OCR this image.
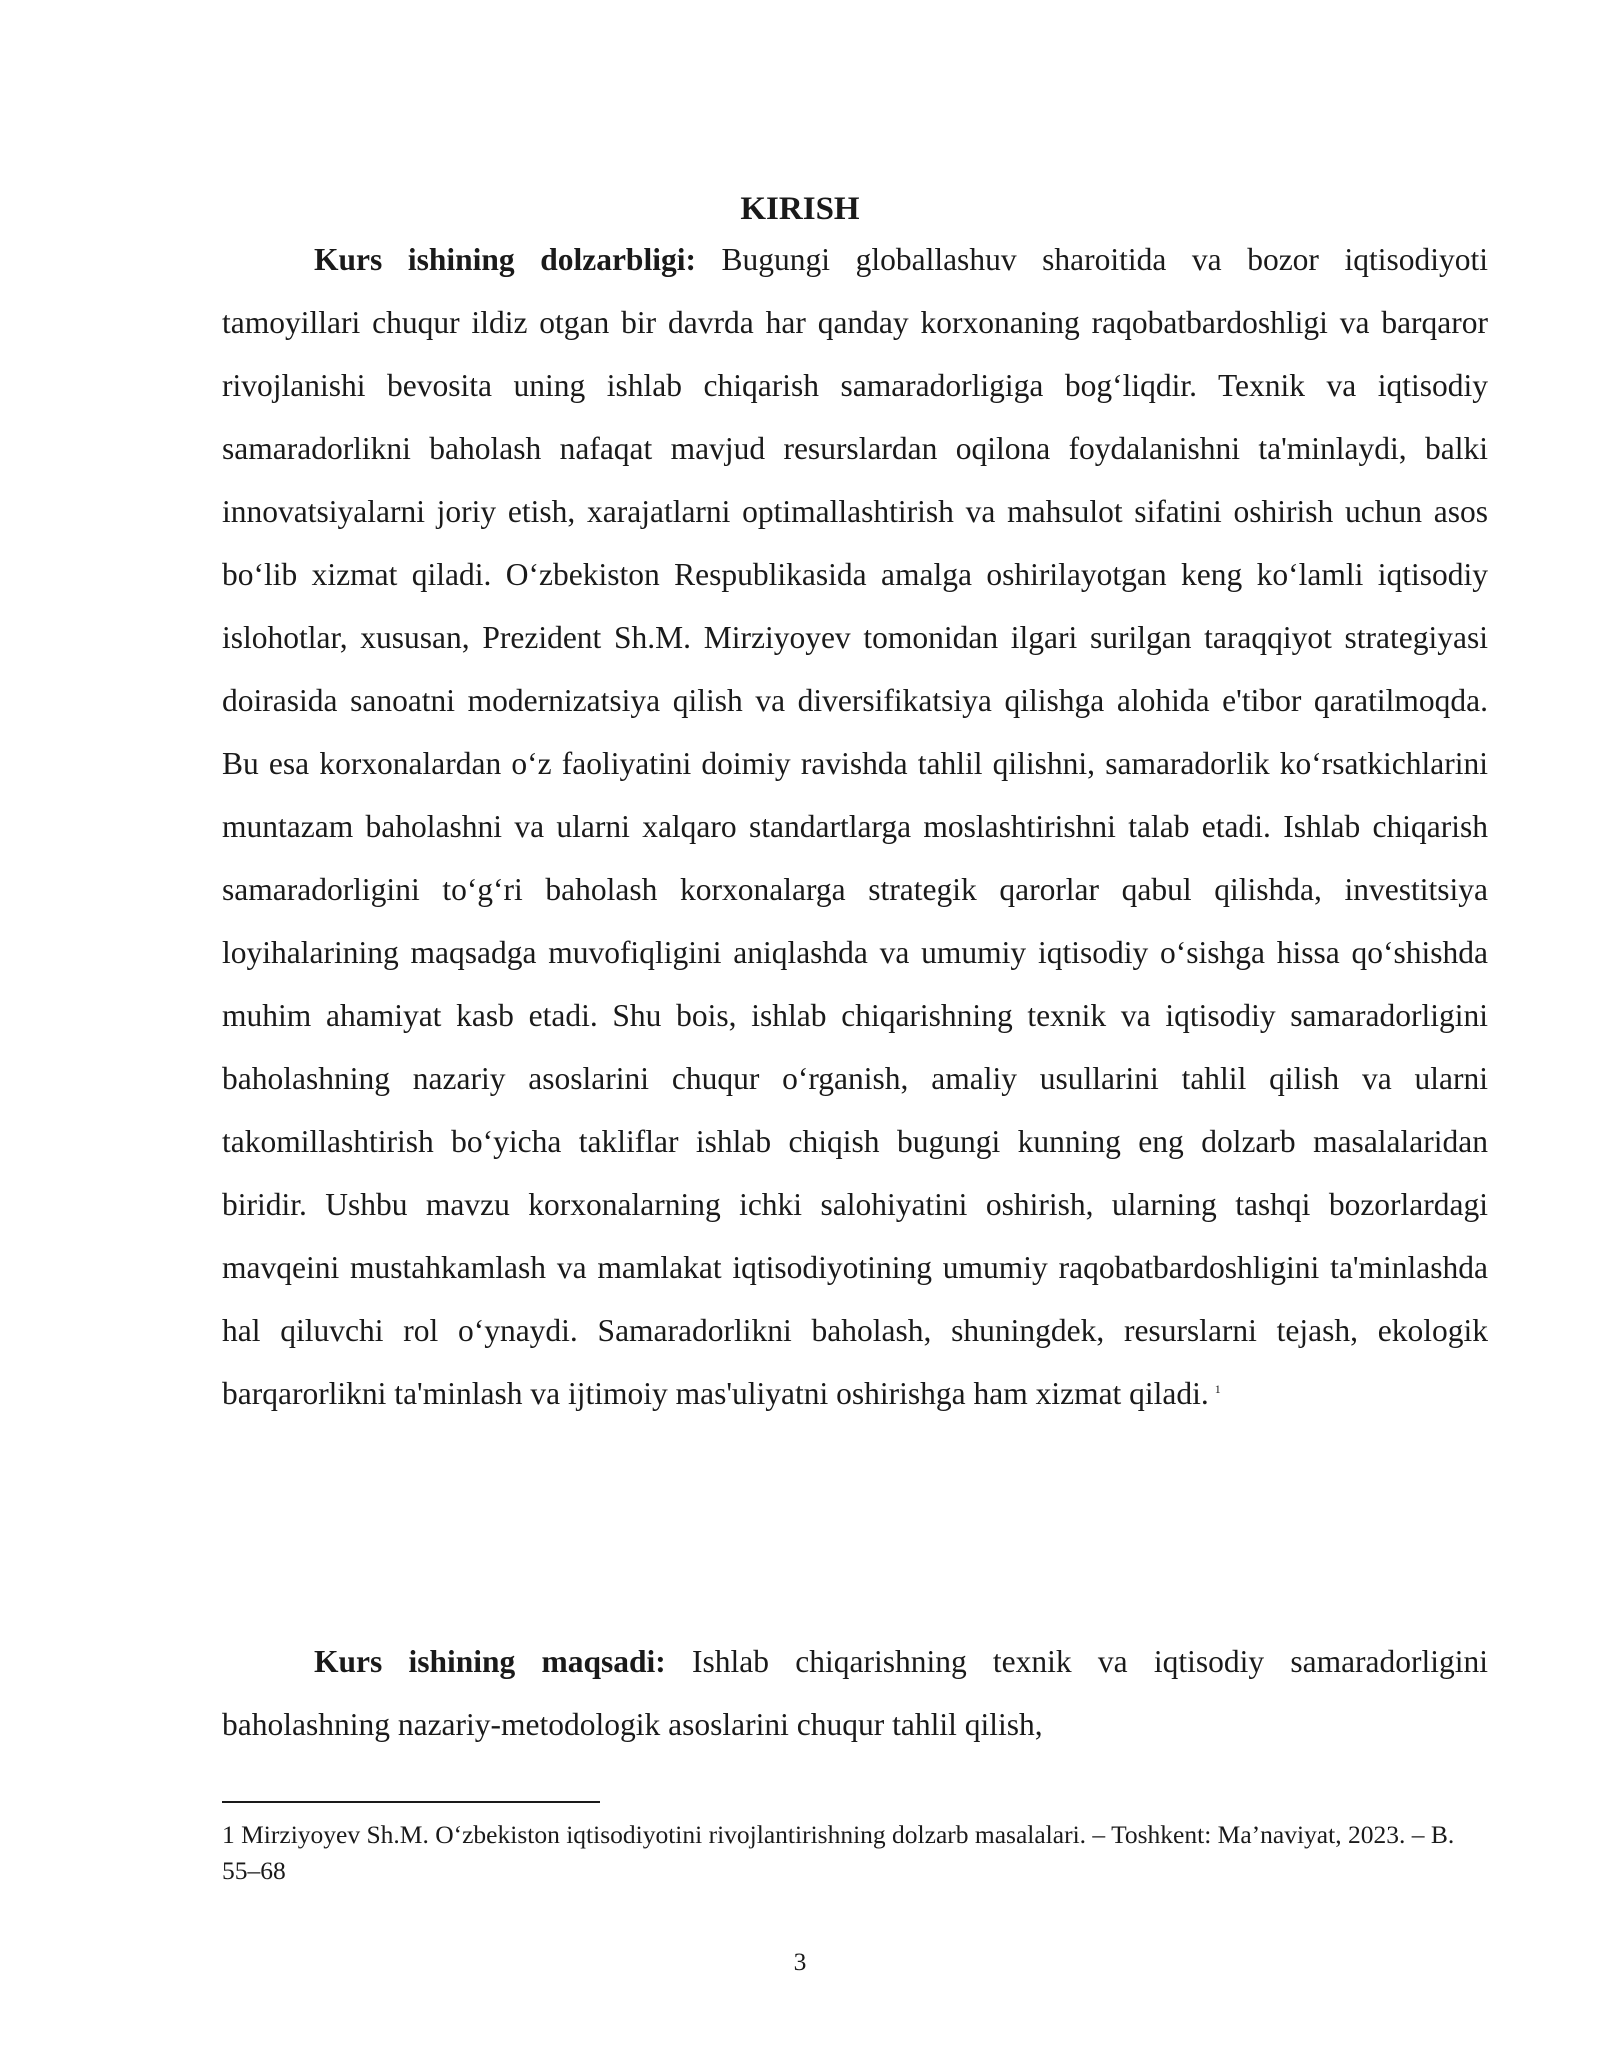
KIRISH

Kurs ishining dolzarbligi: Bugungi globallashuv sharoitida va bozor iqtisodiyoti tamoyillari chuqur ildiz otgan bir davrda har qanday korxonaning raqobatbardoshligi va barqaror rivojlanishi bevosita uning ishlab chiqarish samaradorligiga bog‘liqdir. Texnik va iqtisodiy samaradorlikni baholash nafaqat mavjud resurslardan oqilona foydalanishni ta'minlaydi, balki innovatsiyalarni joriy etish, xarajatlarni optimallashtirish va mahsulot sifatini oshirish uchun asos bo‘lib xizmat qiladi. O‘zbekiston Respublikasida amalga oshirilayotgan keng ko‘lamli iqtisodiy islohotlar, xususan, Prezident Sh.M. Mirziyoyev tomonidan ilgari surilgan taraqqiyot strategiyasi doirasida sanoatni modernizatsiya qilish va diversifikatsiya qilishga alohida e'tibor qaratilmoqda. Bu esa korxonalardan o‘z faoliyatini doimiy ravishda tahlil qilishni, samaradorlik ko‘rsatkichlarini muntazam baholashni va ularni xalqaro standartlarga moslashtirishni talab etadi. Ishlab chiqarish samaradorligini to‘g‘ri baholash korxonalarga strategik qarorlar qabul qilishda, investitsiya loyihalarining maqsadga muvofiqligini aniqlashda va umumiy iqtisodiy o‘sishga hissa qo‘shishda muhim ahamiyat kasb etadi. Shu bois, ishlab chiqarishning texnik va iqtisodiy samaradorligini baholashning nazariy asoslarini chuqur o‘rganish, amaliy usullarini tahlil qilish va ularni takomillashtirish bo‘yicha takliflar ishlab chiqish bugungi kunning eng dolzarb masalalaridan biridir. Ushbu mavzu korxonalarning ichki salohiyatini oshirish, ularning tashqi bozorlardagi mavqeini mustahkamlash va mamlakat iqtisodiyotining umumiy raqobatbardoshligini ta'minlashda hal qiluvchi rol o‘ynaydi. Samaradorlikni baholash, shuningdek, resurslarni tejash, ekologik barqarorlikni ta'minlash va ijtimoiy mas'uliyatni oshirishga ham xizmat qiladi. $^1$

Kurs ishining maqsadi: Ishlab chiqarishning texnik va iqtisodiy samaradorligini baholashning nazariy-metodologik asoslarini chuqur tahlil qilish,

1 Mirziyoyev Sh.M. O‘zbekiston iqtisodiyotini rivojlantirishning dolzarb masalalari. – Toshkent: Ma’naviyat, 2023. – B. 55–68

3
